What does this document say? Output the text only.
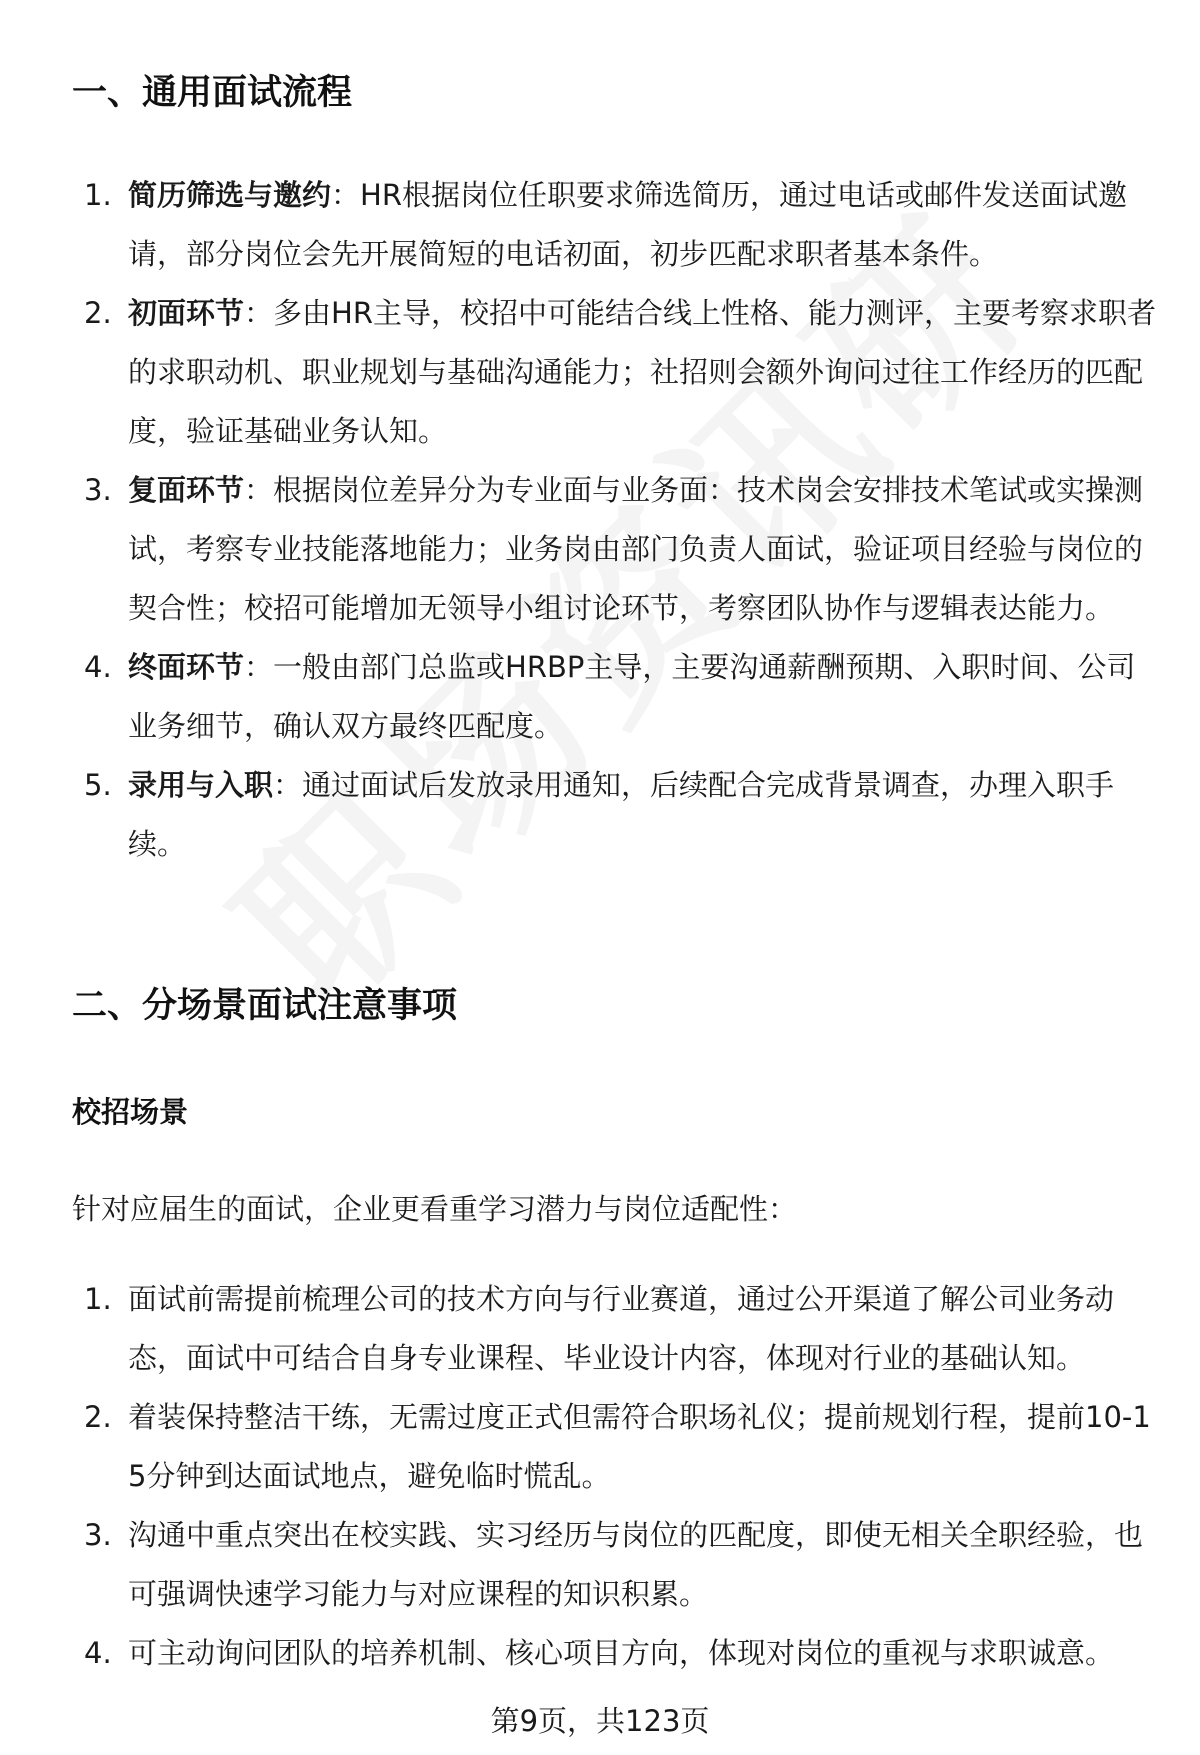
一、通用面试流程
1. 简历筛选与邀约：HR根据岗位任职要求筛选简历，通过电话或邮件发送面试邀请，部分岗位会先开展简短的电话初面，初步匹配求职者基本条件。
2. 初面环节：多由HR主导，校招中可能结合线上性格、能力测评，主要考察求职者的求职动机、职业规划与基础沟通能力；社招则会额外询问过往工作经历的匹配度，验证基础业务认知。
3. 复面环节：根据岗位差异分为专业面与业务面：技术岗会安排技术笔试或实操测试，考察专业技能落地能力；业务岗由部门负责人面试，验证项目经验与岗位的契合性；校招可能增加无领导小组讨论环节，考察团队协作与逻辑表达能力。
4. 终面环节：一般由部门总监或HRBP主导，主要沟通薪酬预期、入职时间、公司业务细节，确认双方最终匹配度。
5. 录用与入职：通过面试后发放录用通知，后续配合完成背景调查，办理入职手续。
二、分场景面试注意事项
校招场景

针对应届生的面试，企业更看重学习潜力与岗位适配性：

1. 面试前需提前梳理公司的技术方向与行业赛道，通过公开渠道了解公司业务动态，面试中可结合自身专业课程、毕业设计内容，体现对行业的基础认知。
2. 着装保持整洁干练，无需过度正式但需符合职场礼仪；提前规划行程，提前10-15分钟到达面试地点，避免临时慌乱。
3. 沟通中重点突出在校实践、实习经历与岗位的匹配度，即使无相关全职经验，也可强调快速学习能力与对应课程的知识积累。
4. 可主动询问团队的培养机制、核心项目方向，体现对岗位的重视与求职诚意。
第9页，共123页
